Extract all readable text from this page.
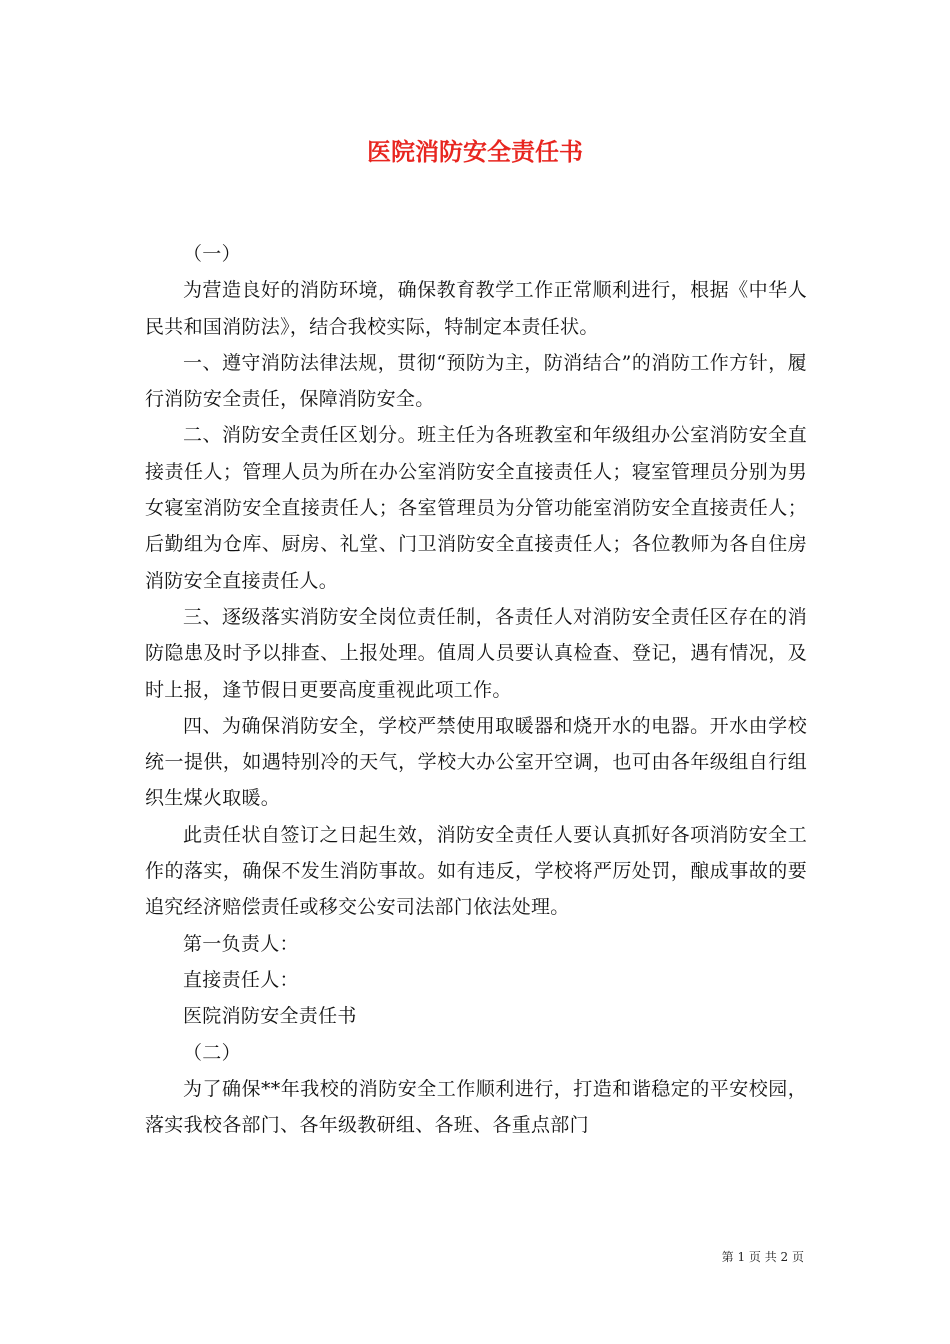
医院消防安全责任书

（一）

为营造良好的消防环境，确保教育教学工作正常顺利进行，根据《中华人民共和国消防法》，结合我校实际，特制定本责任状。

一、遵守消防法律法规，贯彻“预防为主，防消结合”的消防工作方针，履行消防安全责任，保障消防安全。

二、消防安全责任区划分。班主任为各班教室和年级组办公室消防安全直接责任人；管理人员为所在办公室消防安全直接责任人；寝室管理员分别为男女寝室消防安全直接责任人；各室管理员为分管功能室消防安全直接责任人；后勤组为仓库、厨房、礼堂、门卫消防安全直接责任人；各位教师为各自住房消防安全直接责任人。

三、逐级落实消防安全岗位责任制，各责任人对消防安全责任区存在的消防隐患及时予以排查、上报处理。值周人员要认真检查、登记，遇有情况，及时上报，逢节假日更要高度重视此项工作。

四、为确保消防安全，学校严禁使用取暖器和烧开水的电器。开水由学校统一提供，如遇特别冷的天气，学校大办公室开空调，也可由各年级组自行组织生煤火取暖。

此责任状自签订之日起生效，消防安全责任人要认真抓好各项消防安全工作的落实，确保不发生消防事故。如有违反，学校将严厉处罚，酿成事故的要追究经济赔偿责任或移交公安司法部门依法处理。

第一负责人：

直接责任人：

医院消防安全责任书

（二）

为了确保**年我校的消防安全工作顺利进行，打造和谐稳定的平安校园，落实我校各部门、各年级教研组、各班、各重点部门

第 1 页 共 2 页
